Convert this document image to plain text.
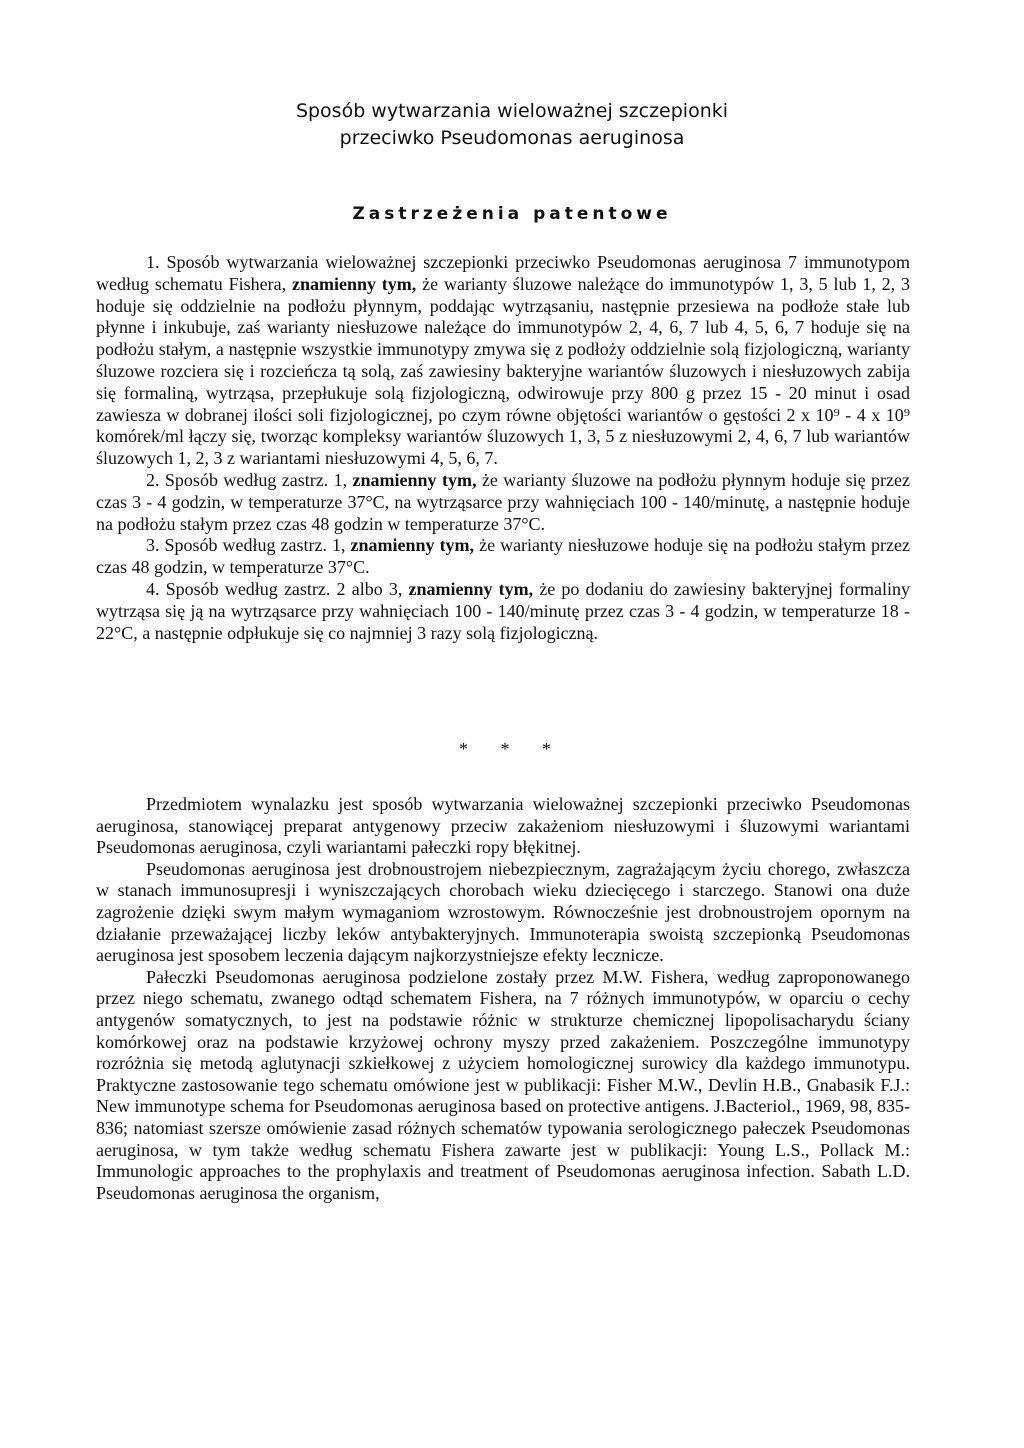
Sposób wytwarzania wieloważnej szczepionki
przeciwko Pseudomonas aeruginosa
Zastrzeżenia patentowe

1. Sposób wytwarzania wieloważnej szczepionki przeciwko Pseudomonas aeruginosa 7 immunotypom według schematu Fishera, znamienny tym, że warianty śluzowe należące do immunotypów 1, 3, 5 lub 1, 2, 3 hoduje się oddzielnie na podłożu płynnym, poddając wytrząsaniu, następnie przesiewa na podłoże stałe lub płynne i inkubuje, zaś warianty niesłuzowe należące do immunotypów 2, 4, 6, 7 lub 4, 5, 6, 7 hoduje się na podłożu stałym, a następnie wszystkie immunotypy zmywa się z podłoży oddzielnie solą fizjologiczną, warianty śluzowe rozciera się i rozcieńcza tą solą, zaś zawiesiny bakteryjne wariantów śluzowych i niesłuzowych zabija się formaliną, wytrząsa, przepłukuje solą fizjologiczną, odwirowuje przy 800 g przez 15 - 20 minut i osad zawiesza w dobranej ilości soli fizjologicznej, po czym równe objętości wariantów o gęstości 2 x 10⁹ - 4 x 10⁹ komórek/ml łączy się, tworząc kompleksy wariantów śluzowych 1, 3, 5 z niesłuzowymi 2, 4, 6, 7 lub wariantów śluzowych 1, 2, 3 z wariantami niesłuzowymi 4, 5, 6, 7.

2. Sposób według zastrz. 1, znamienny tym, że warianty śluzowe na podłożu płynnym hoduje się przez czas 3 - 4 godzin, w temperaturze 37°C, na wytrząsarce przy wahnięciach 100 - 140/minutę, a następnie hoduje na podłożu stałym przez czas 48 godzin w temperaturze 37°C.

3. Sposób według zastrz. 1, znamienny tym, że warianty niesłuzowe hoduje się na podłożu stałym przez czas 48 godzin, w temperaturze 37°C.

4. Sposób według zastrz. 2 albo 3, znamienny tym, że po dodaniu do zawiesiny bakteryjnej formaliny wytrząsa się ją na wytrząsarce przy wahnięciach 100 - 140/minutę przez czas 3 - 4 godzin, w temperaturze 18 - 22°C, a następnie odpłukuje się co najmniej 3 razy solą fizjologiczną.

* * *

Przedmiotem wynalazku jest sposób wytwarzania wieloważnej szczepionki przeciwko Pseudomonas aeruginosa, stanowiącej preparat antygenowy przeciw zakażeniom niesłuzowymi i śluzowymi wariantami Pseudomonas aeruginosa, czyli wariantami pałeczki ropy błękitnej.

Pseudomonas aeruginosa jest drobnoustrojem niebezpiecznym, zagrażającym życiu chorego, zwłaszcza w stanach immunosupresji i wyniszczających chorobach wieku dziecięcego i starczego. Stanowi ona duże zagrożenie dzięki swym małym wymaganiom wzrostowym. Równocześnie jest drobnoustrojem opornym na działanie przeważającej liczby leków antybakteryjnych. Immunoterapia swoistą szczepionką Pseudomonas aeruginosa jest sposobem leczenia dającym najkorzystniejsze efekty lecznicze.

Pałeczki Pseudomonas aeruginosa podzielone zostały przez M.W. Fishera, według zaproponowanego przez niego schematu, zwanego odtąd schematem Fishera, na 7 różnych immunotypów, w oparciu o cechy antygenów somatycznych, to jest na podstawie różnic w strukturze chemicznej lipopolisacharydu ściany komórkowej oraz na podstawie krzyżowej ochrony myszy przed zakażeniem. Poszczególne immunotypy rozróżnia się metodą aglutynacji szkiełkowej z użyciem homologicznej surowicy dla każdego immunotypu. Praktyczne zastosowanie tego schematu omówione jest w publikacji: Fisher M.W., Devlin H.B., Gnabasik F.J.: New immunotype schema for Pseudomonas aeruginosa based on protective antigens. J.Bacteriol., 1969, 98, 835-836; natomiast szersze omówienie zasad różnych schematów typowania serologicznego pałeczek Pseudomonas aeruginosa, w tym także według schematu Fishera zawarte jest w publikacji: Young L.S., Pollack M.: Immunologic approaches to the prophylaxis and treatment of Pseudomonas aeruginosa infection. Sabath L.D. Pseudomonas aeruginosa the organism,
